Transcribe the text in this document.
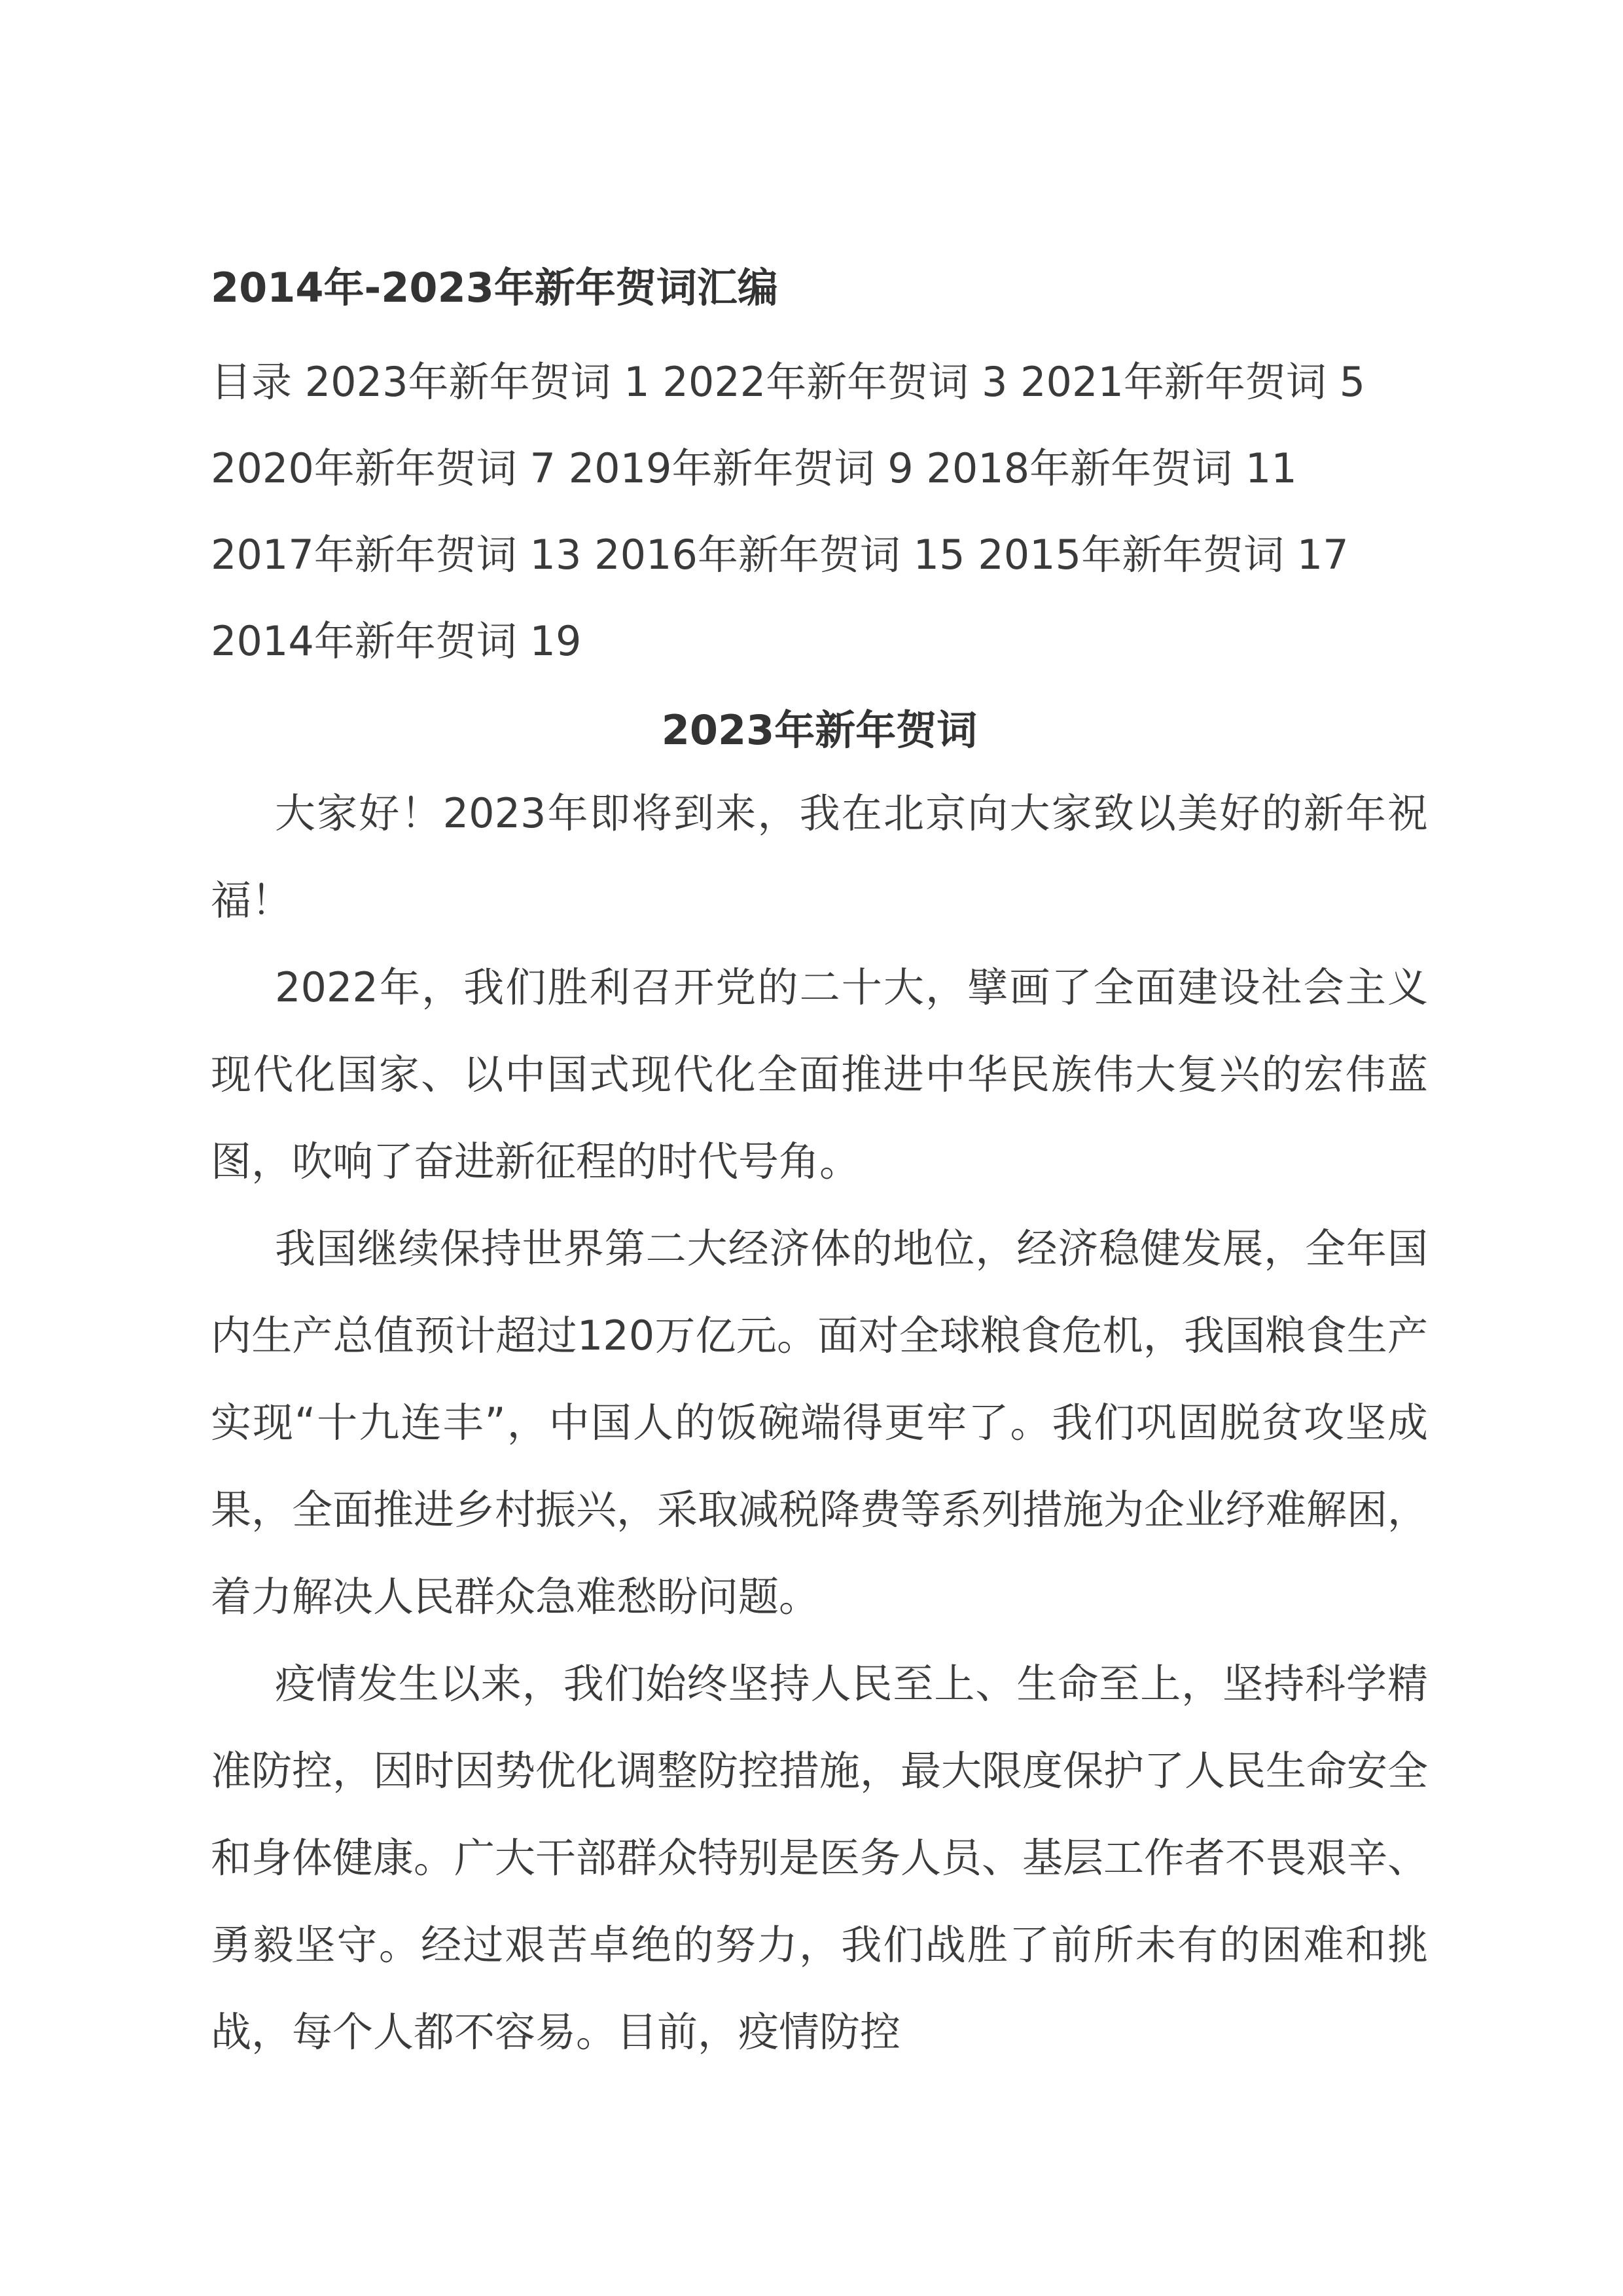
2014年-2023年新年贺词汇编

目录 2023年新年贺词 1 2022年新年贺词 3 2021年新年贺词 5 2020年新年贺词 7 2019年新年贺词 9 2018年新年贺词 11 2017年新年贺词 13 2016年新年贺词 15 2015年新年贺词 17 2014年新年贺词 19

2023年新年贺词

大家好！2023年即将到来，我在北京向大家致以美好的新年祝福！

2022年，我们胜利召开党的二十大，擘画了全面建设社会主义现代化国家、以中国式现代化全面推进中华民族伟大复兴的宏伟蓝图，吹响了奋进新征程的时代号角。

我国继续保持世界第二大经济体的地位，经济稳健发展，全年国内生产总值预计超过120万亿元。面对全球粮食危机，我国粮食生产实现“十九连丰”，中国人的饭碗端得更牢了。我们巩固脱贫攻坚成果，全面推进乡村振兴，采取减税降费等系列措施为企业纾难解困，着力解决人民群众急难愁盼问题。

疫情发生以来，我们始终坚持人民至上、生命至上，坚持科学精准防控，因时因势优化调整防控措施，最大限度保护了人民生命安全和身体健康。广大干部群众特别是医务人员、基层工作者不畏艰辛、勇毅坚守。经过艰苦卓绝的努力，我们战胜了前所未有的困难和挑战，每个人都不容易。目前，疫情防控
